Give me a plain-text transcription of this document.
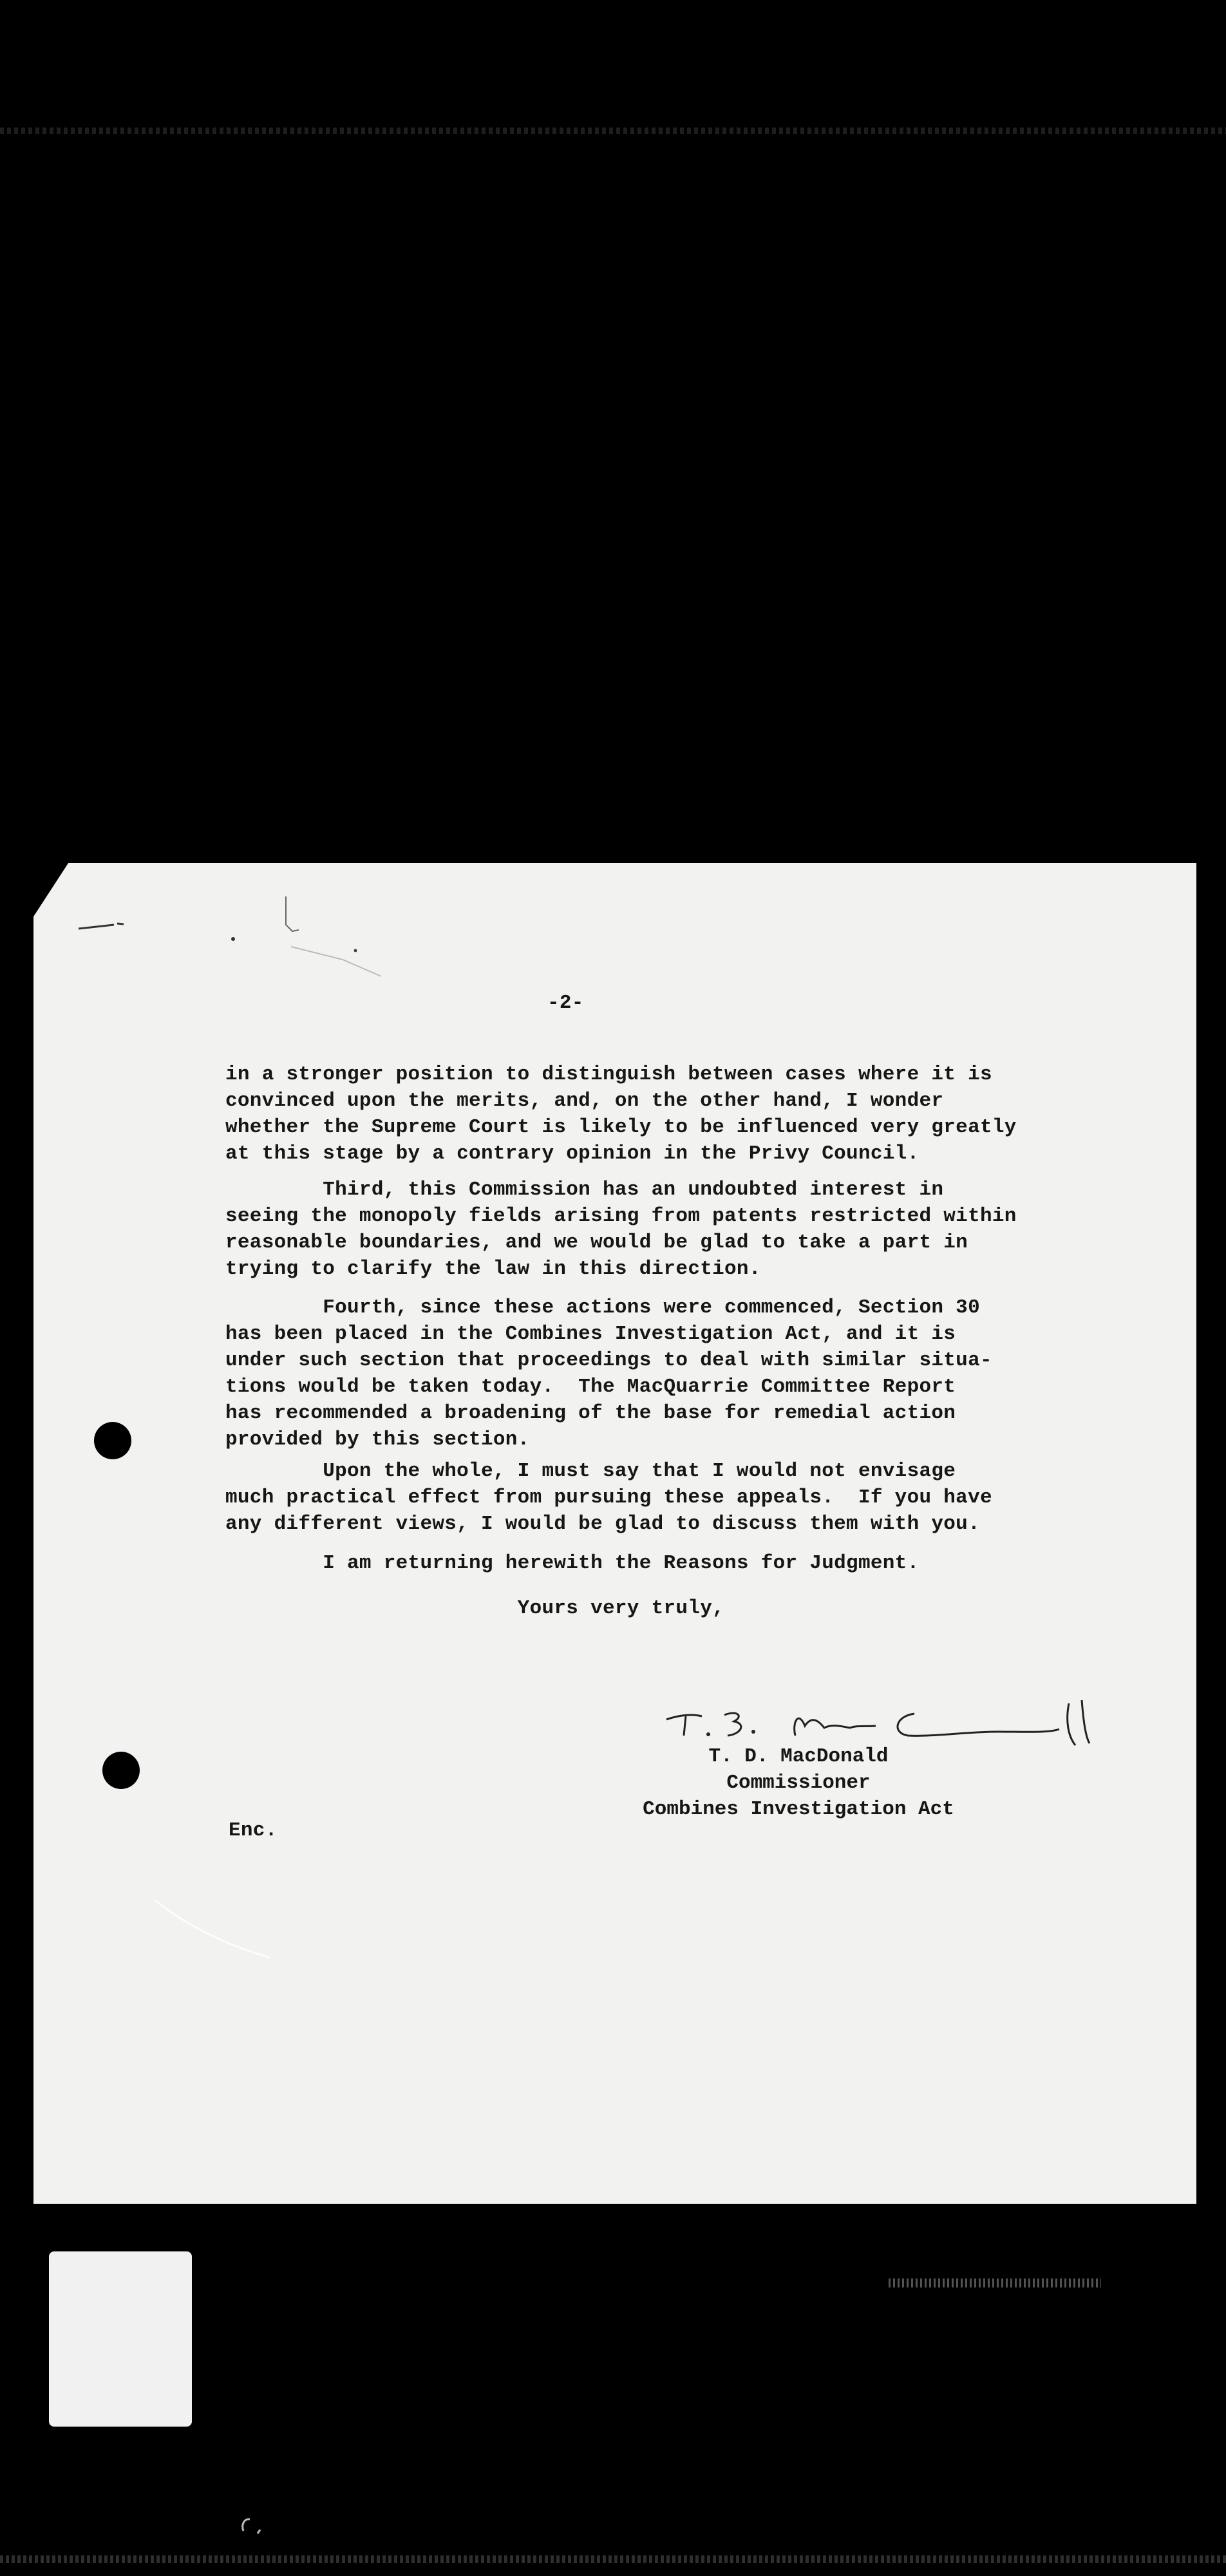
-2-
in a stronger position to distinguish between cases where it is
convinced upon the merits, and, on the other hand, I wonder
whether the Supreme Court is likely to be influenced very greatly
at this stage by a contrary opinion in the Privy Council.
Third, this Commission has an undoubted interest in
seeing the monopoly fields arising from patents restricted within
reasonable boundaries, and we would be glad to take a part in
trying to clarify the law in this direction.
Fourth, since these actions were commenced, Section 30
has been placed in the Combines Investigation Act, and it is
under such section that proceedings to deal with similar situa-
tions would be taken today.  The MacQuarrie Committee Report
has recommended a broadening of the base for remedial action
provided by this section.
Upon the whole, I must say that I would not envisage
much practical effect from pursuing these appeals.  If you have
any different views, I would be glad to discuss them with you.
I am returning herewith the Reasons for Judgment.
Yours very truly,
T. D. MacDonald
Commissioner
Combines Investigation Act
Enc.
